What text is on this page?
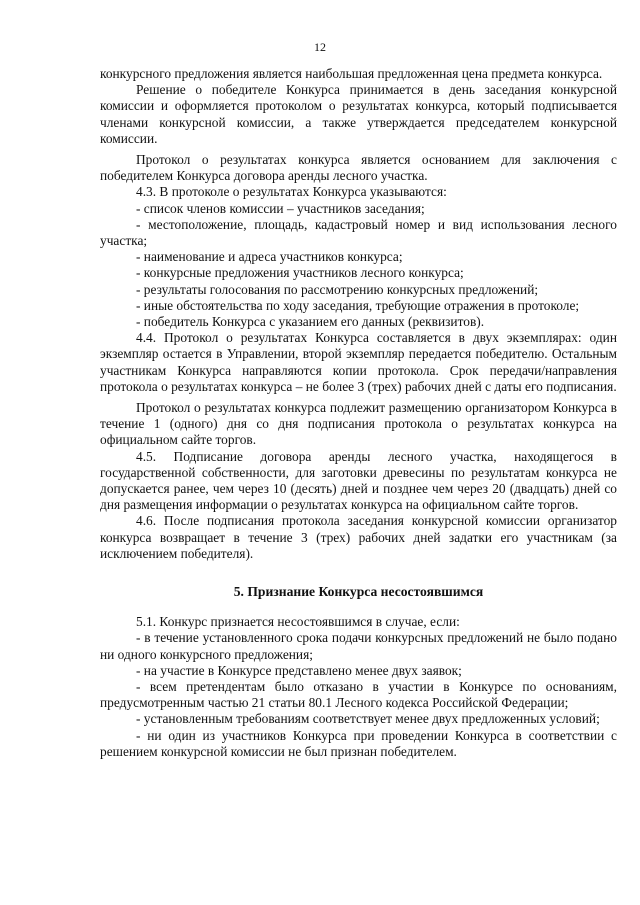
12

конкурсного предложения является наибольшая предложенная цена предмета конкурса.

Решение о победителе Конкурса принимается в день заседания конкурсной комиссии и оформляется протоколом о результатах конкурса, который подписывается членами конкурсной комиссии, а также утверждается председателем конкурсной комиссии.

Протокол о результатах конкурса является основанием для заключения с победителем Конкурса договора аренды лесного участка.

4.3. В протоколе о результатах Конкурса указываются:

- список членов комиссии – участников заседания;

- местоположение, площадь, кадастровый номер и вид использования лесного участка;

- наименование и адреса участников конкурса;

- конкурсные предложения участников лесного конкурса;

- результаты голосования по рассмотрению конкурсных предложений;

- иные обстоятельства по ходу заседания, требующие отражения в протоколе;

- победитель Конкурса с указанием его данных (реквизитов).

4.4. Протокол о результатах Конкурса составляется в двух экземплярах: один экземпляр остается в Управлении, второй экземпляр передается победителю. Остальным участникам Конкурса направляются копии протокола. Срок передачи/направления протокола о результатах конкурса – не более 3 (трех) рабочих дней с даты его подписания.

Протокол о результатах конкурса подлежит размещению организатором Конкурса в течение 1 (одного) дня со дня подписания протокола о результатах конкурса на официальном сайте торгов.

4.5. Подписание договора аренды лесного участка, находящегося в государственной собственности, для заготовки древесины по результатам конкурса не допускается ранее, чем через 10 (десять) дней и позднее чем через 20 (двадцать) дней со дня размещения информации о результатах конкурса на официальном сайте торгов.

4.6. После подписания протокола заседания конкурсной комиссии организатор конкурса возвращает в течение 3 (трех) рабочих дней задатки его участникам (за исключением победителя).

5. Признание Конкурса несостоявшимся

5.1. Конкурс признается несостоявшимся в случае, если:

- в течение установленного срока подачи конкурсных предложений не было подано ни одного конкурсного предложения;

- на участие в Конкурсе представлено менее двух заявок;

- всем претендентам было отказано в участии в Конкурсе по основаниям, предусмотренным частью 21 статьи 80.1 Лесного кодекса Российской Федерации;

- установленным требованиям соответствует менее двух предложенных условий;

- ни один из участников Конкурса при проведении Конкурса в соответствии с решением конкурсной комиссии не был признан победителем.
